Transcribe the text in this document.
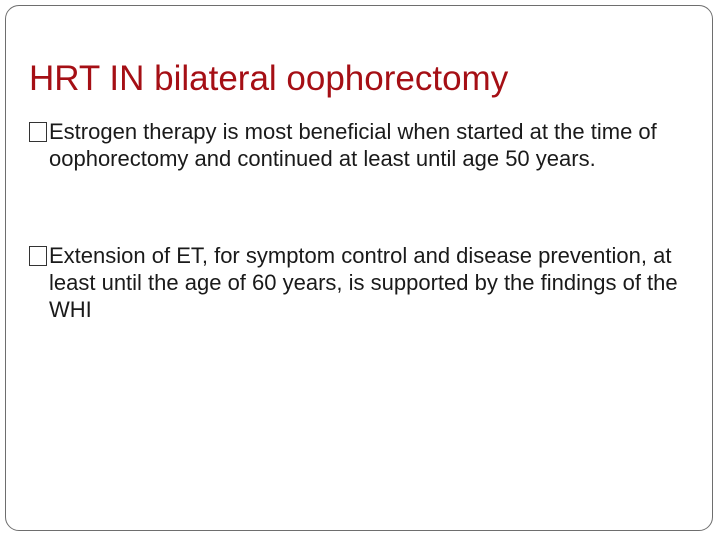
HRT IN bilateral oophorectomy
Estrogen therapy is most beneficial when started at the time of oophorectomy and continued at least until age 50 years.
Extension of ET, for symptom control and disease prevention, at least until the age of 60 years, is supported by the findings of the WHI
